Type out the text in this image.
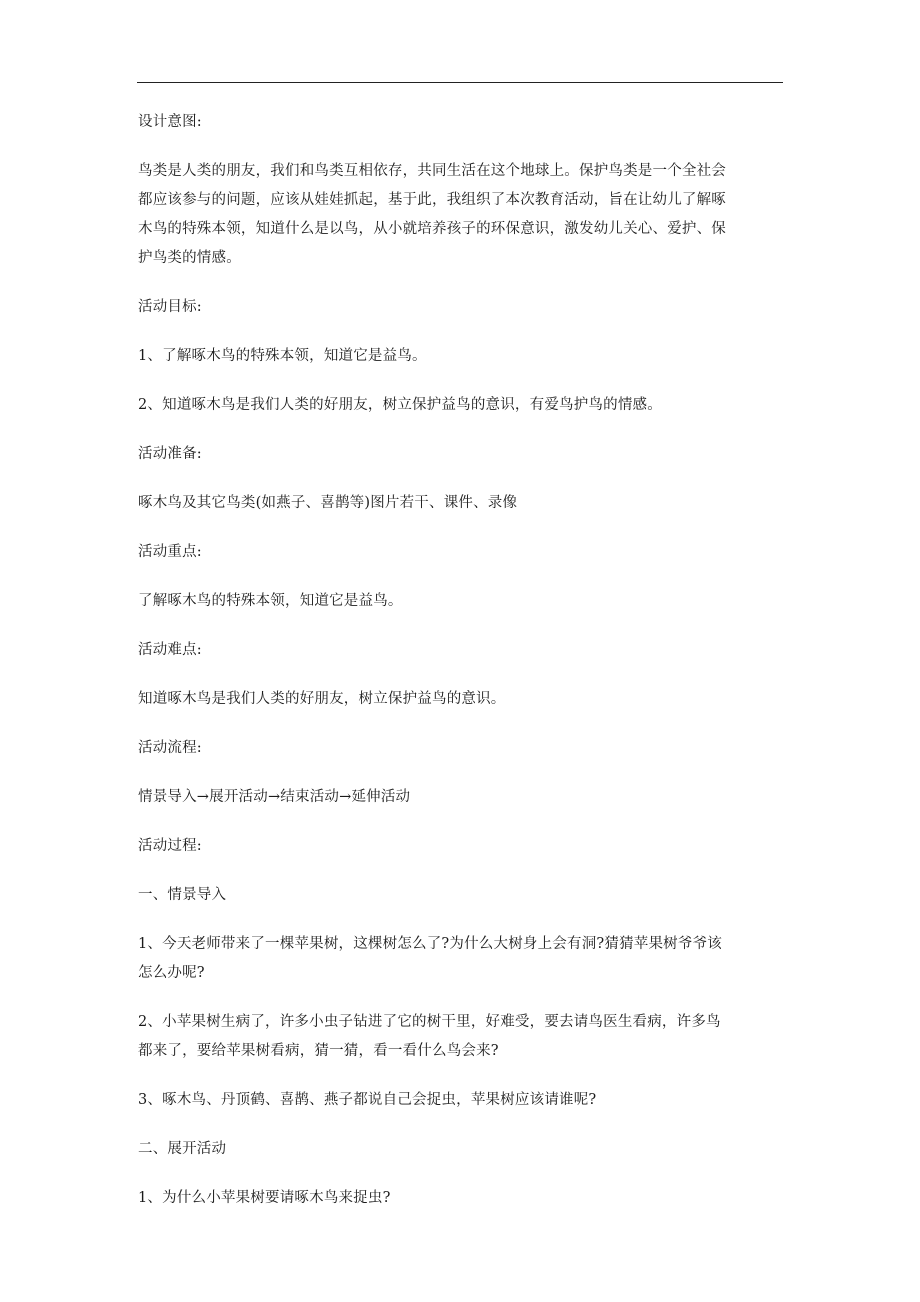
设计意图:

鸟类是人类的朋友，我们和鸟类互相依存，共同生活在这个地球上。保护鸟类是一个全社会
都应该参与的问题，应该从娃娃抓起，基于此，我组织了本次教育活动，旨在让幼儿了解啄
木鸟的特殊本领，知道什么是以鸟，从小就培养孩子的环保意识，激发幼儿关心、爱护、保
护鸟类的情感。

活动目标:

1、了解啄木鸟的特殊本领，知道它是益鸟。

2、知道啄木鸟是我们人类的好朋友，树立保护益鸟的意识，有爱鸟护鸟的情感。

活动准备:

啄木鸟及其它鸟类(如燕子、喜鹊等)图片若干、课件、录像

活动重点:

了解啄木鸟的特殊本领，知道它是益鸟。

活动难点:

知道啄木鸟是我们人类的好朋友，树立保护益鸟的意识。

活动流程:

情景导入→展开活动→结束活动→延伸活动

活动过程:

一、情景导入

1、今天老师带来了一棵苹果树，这棵树怎么了?为什么大树身上会有洞?猜猜苹果树爷爷该
怎么办呢?

2、小苹果树生病了，许多小虫子钻进了它的树干里，好难受，要去请鸟医生看病，许多鸟
都来了，要给苹果树看病，猜一猜，看一看什么鸟会来?

3、啄木鸟、丹顶鹤、喜鹊、燕子都说自己会捉虫，苹果树应该请谁呢?

二、展开活动

1、为什么小苹果树要请啄木鸟来捉虫?
